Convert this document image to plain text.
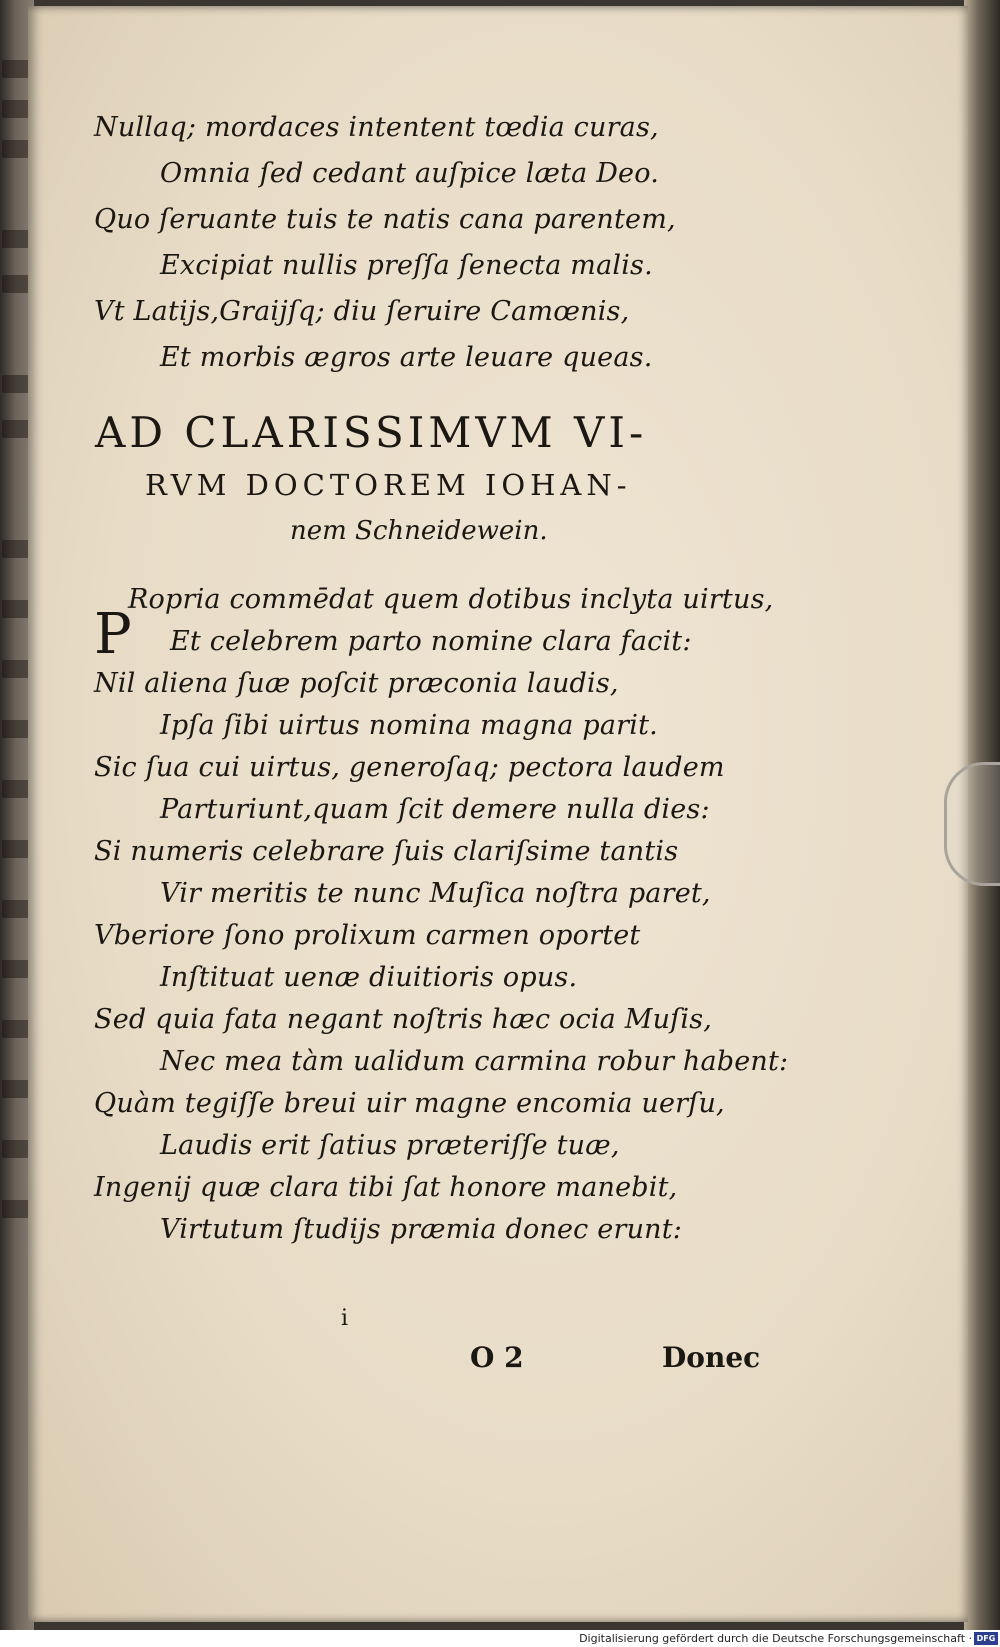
Nullaq; mordaces intentent tœdia curas,
Omnia ſed cedant auſpice læta Deo.
Quo ſeruante tuis te natis cana parentem,
Excipiat nullis preſſa ſenecta malis.
Vt Latijs,Graijſq; diu ſeruire Camœnis,
Et morbis ægros arte leuare queas.
AD CLARISSIMVM VI-
RVM DOCTOREM IOHAN-
nem Schneidewein.
P
Ropria commēdat quem dotibus inclyta uirtus,
Et celebrem parto nomine clara facit:
Nil aliena ſuæ poſcit præconia laudis,
Ipſa ſibi uirtus nomina magna parit.
Sic ſua cui uirtus, generoſaq; pectora laudem
Parturiunt,quam ſcit demere nulla dies:
Si numeris celebrare ſuis clariſsime tantis
Vir meritis te nunc Muſica noſtra paret,
Vberiore ſono prolixum carmen oportet
Inſtituat uenæ diuitioris opus.
Sed quia fata negant noſtris hæc ocia Muſis,
Nec mea tàm ualidum carmina robur habent:
Quàm tegiſſe breui uir magne encomia uerſu,
Laudis erit ſatius præteriſſe tuæ,
Ingenij quæ clara tibi ſat honore manebit,
Virtutum ſtudijs præmia donec erunt:
i
O 2	Donec
Digitalisierung gefördert durch die Deutsche Forschungsgemeinschaft · DFG
